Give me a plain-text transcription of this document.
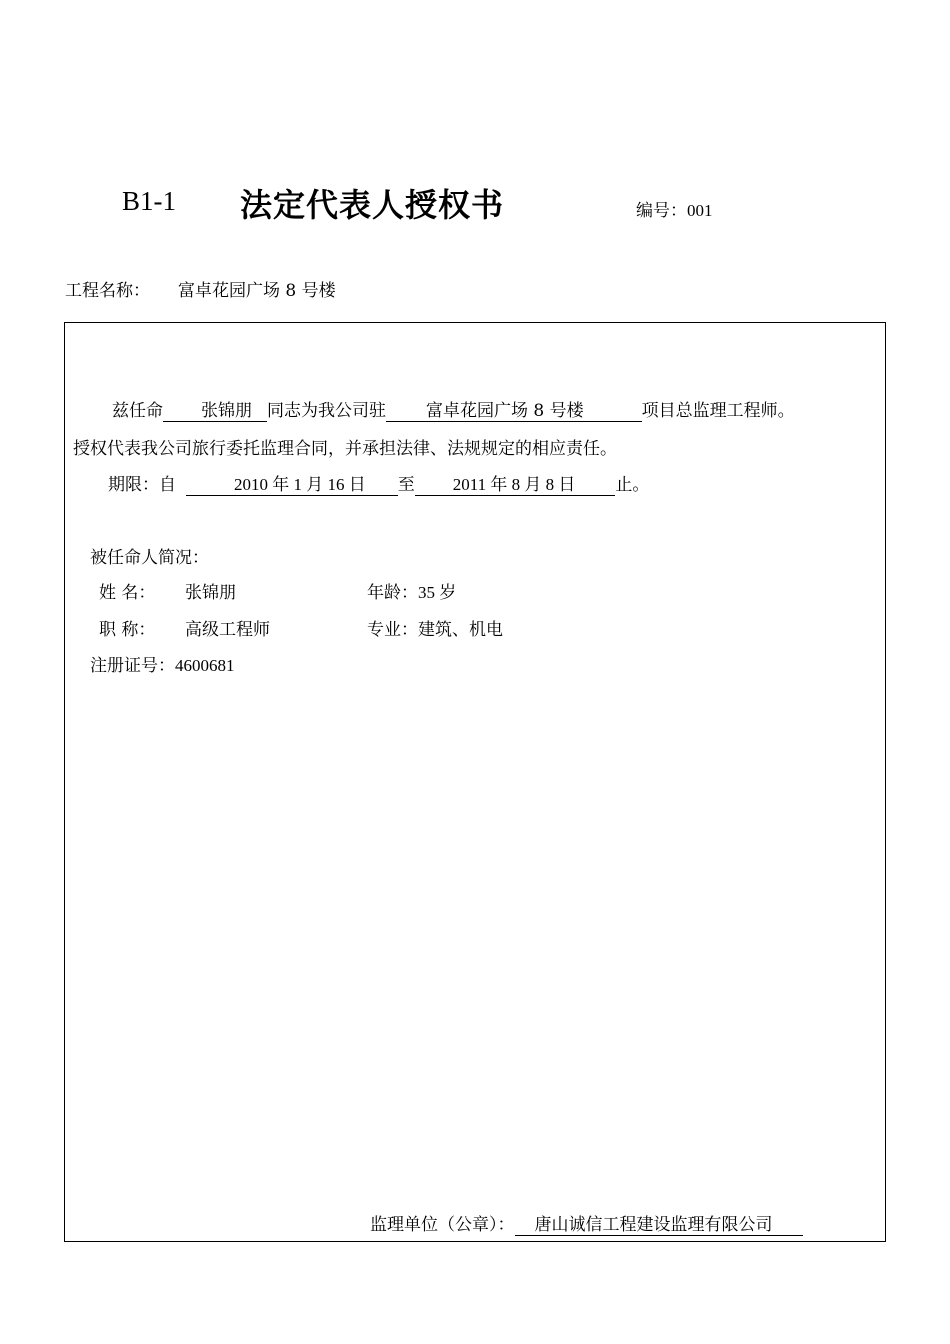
B1-1 法定代表人授权书	编号：001
工程名称： 富卓花园广场 8 号楼
兹任命 张锦朋 同志为我公司驻 富卓花园广场 8 号楼	项目总监理工程师。
授权代表我公司旅行委托监理合同，并承担法律、法规规定的相应责任。
期限：自	2010 年 1 月 16 日 至 2011 年 8 月 8 日 止。
被任命人简况：
姓 名： 张锦朋	年龄：35 岁
职 称： 高级工程师	专业：建筑、机电
注册证号：4600681
监理单位（公章）： 唐山诚信工程建设监理有限公司
